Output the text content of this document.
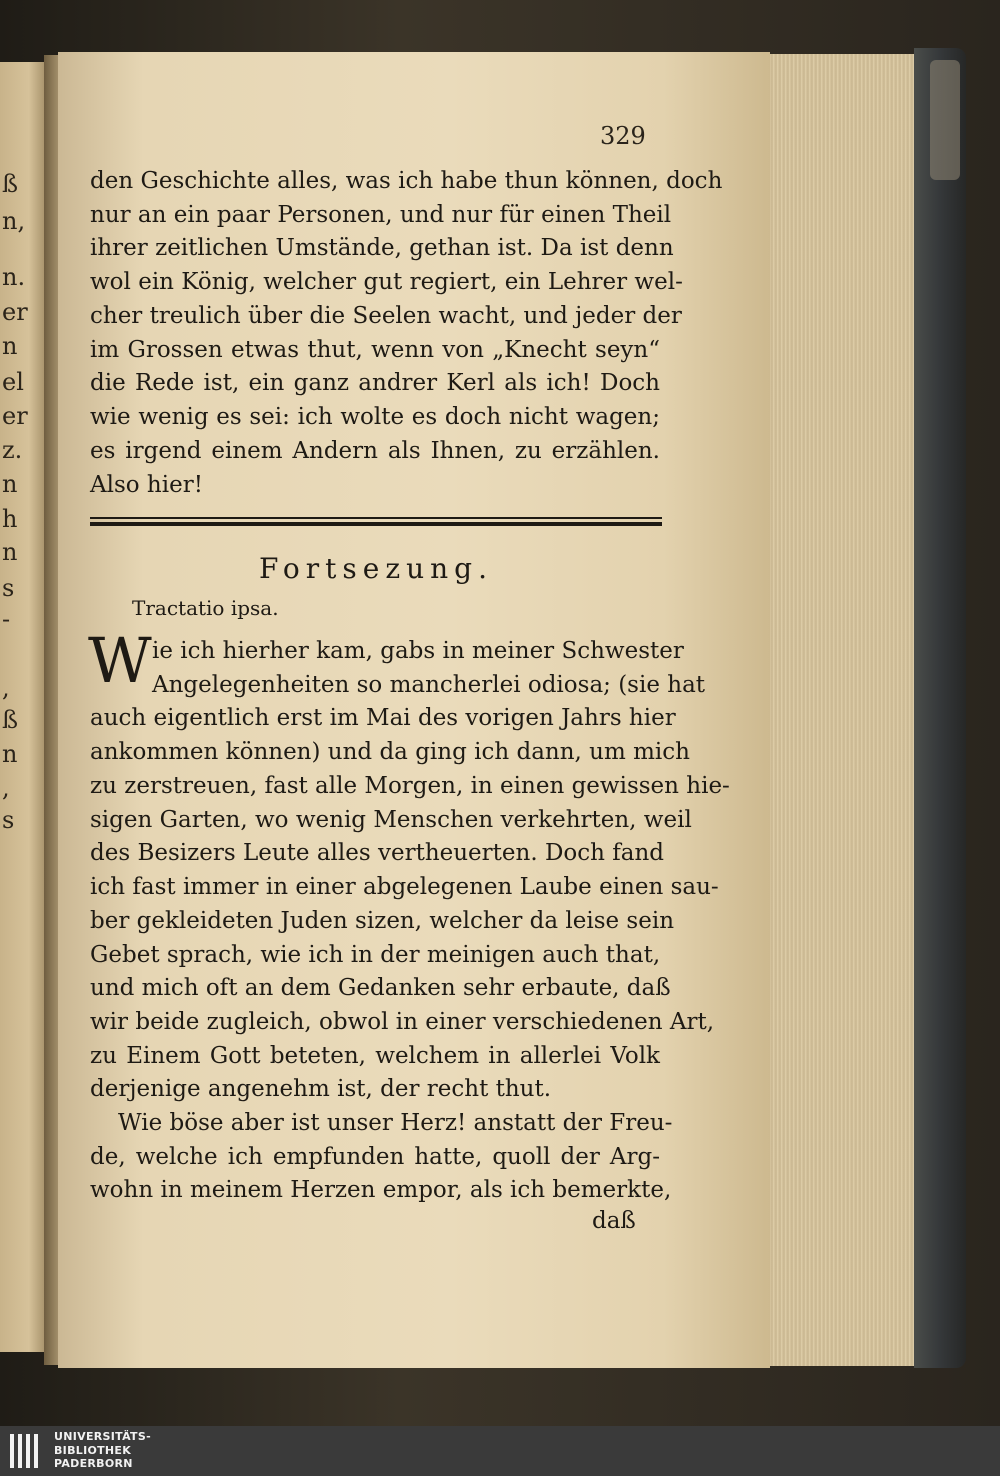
ß
n,
n.
er
n
el
er
z.
n
h
n
s
-
,
ß
n
,
s
329
den Geschichte alles, was ich habe thun können, doch
nur an ein paar Personen, und nur für einen Theil
ihrer zeitlichen Umstände, gethan ist. Da ist denn
wol ein König, welcher gut regiert, ein Lehrer wel-
cher treulich über die Seelen wacht, und jeder der
im Grossen etwas thut, wenn von „Knecht seyn“
die Rede ist, ein ganz andrer Kerl als ich! Doch
wie wenig es sei: ich wolte es doch nicht wagen;
es irgend einem Andern als Ihnen, zu erzählen.
Also hier!
Fortsezung.
Tractatio ipsa.
W ie ich hierher kam, gabs in meiner Schwester
Angelegenheiten so mancherlei odiosa; (sie hat
auch eigentlich erst im Mai des vorigen Jahrs hier
ankommen können) und da ging ich dann, um mich
zu zerstreuen, fast alle Morgen, in einen gewissen hie-
sigen Garten, wo wenig Menschen verkehrten, weil
des Besizers Leute alles vertheuerten. Doch fand
ich fast immer in einer abgelegenen Laube einen sau-
ber gekleideten Juden sizen, welcher da leise sein
Gebet sprach, wie ich in der meinigen auch that,
und mich oft an dem Gedanken sehr erbaute, daß
wir beide zugleich, obwol in einer verschiedenen Art,
zu Einem Gott beteten, welchem in allerlei Volk
derjenige angenehm ist, der recht thut.
Wie böse aber ist unser Herz! anstatt der Freu-
de, welche ich empfunden hatte, quoll der Arg-
wohn in meinem Herzen empor, als ich bemerkte,
daß
UNIVERSITÄTS-
BIBLIOTHEK
PADERBORN
